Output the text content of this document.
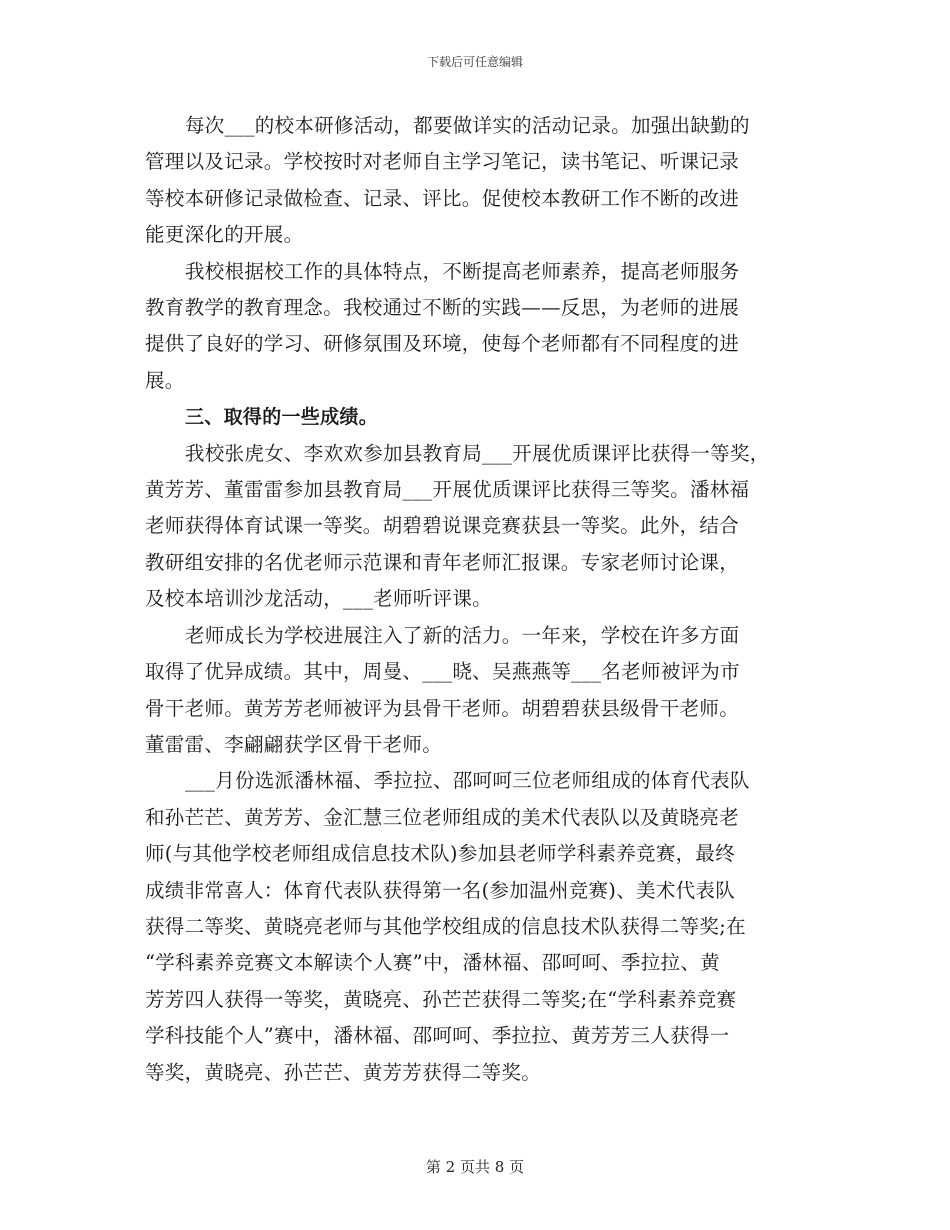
下载后可任意编辑

每次___的校本研修活动，都要做详实的活动记录。加强出缺勤的
管理以及记录。学校按时对老师自主学习笔记，读书笔记、听课记录
等校本研修记录做检查、记录、评比。促使校本教研工作不断的改进
能更深化的开展。

我校根据校工作的具体特点，不断提高老师素养，提高老师服务
教育教学的教育理念。我校通过不断的实践——反思，为老师的进展
提供了良好的学习、研修氛围及环境，使每个老师都有不同程度的进
展。

三、取得的一些成绩。

我校张虎女、李欢欢参加县教育局___开展优质课评比获得一等奖，
黄芳芳、董雷雷参加县教育局___开展优质课评比获得三等奖。潘林福
老师获得体育试课一等奖。胡碧碧说课竞赛获县一等奖。此外，结合
教研组安排的名优老师示范课和青年老师汇报课。专家老师讨论课，
及校本培训沙龙活动，___老师听评课。

老师成长为学校进展注入了新的活力。一年来，学校在许多方面
取得了优异成绩。其中，周曼、___晓、吴燕燕等___名老师被评为市
骨干老师。黄芳芳老师被评为县骨干老师。胡碧碧获县级骨干老师。
董雷雷、李翩翩获学区骨干老师。

___月份选派潘林福、季拉拉、邵呵呵三位老师组成的体育代表队
和孙芒芒、黄芳芳、金汇慧三位老师组成的美术代表队以及黄晓亮老
师(与其他学校老师组成信息技术队)参加县老师学科素养竞赛，最终
成绩非常喜人：体育代表队获得第一名(参加温州竞赛)、美术代表队
获得二等奖、黄晓亮老师与其他学校组成的信息技术队获得二等奖;在
“学科素养竞赛文本解读个人赛”中，潘林福、邵呵呵、季拉拉、黄
芳芳四人获得一等奖，黄晓亮、孙芒芒获得二等奖;在“学科素养竞赛
学科技能个人”赛中，潘林福、邵呵呵、季拉拉、黄芳芳三人获得一
等奖，黄晓亮、孙芒芒、黄芳芳获得二等奖。

第 2 页共 8 页
